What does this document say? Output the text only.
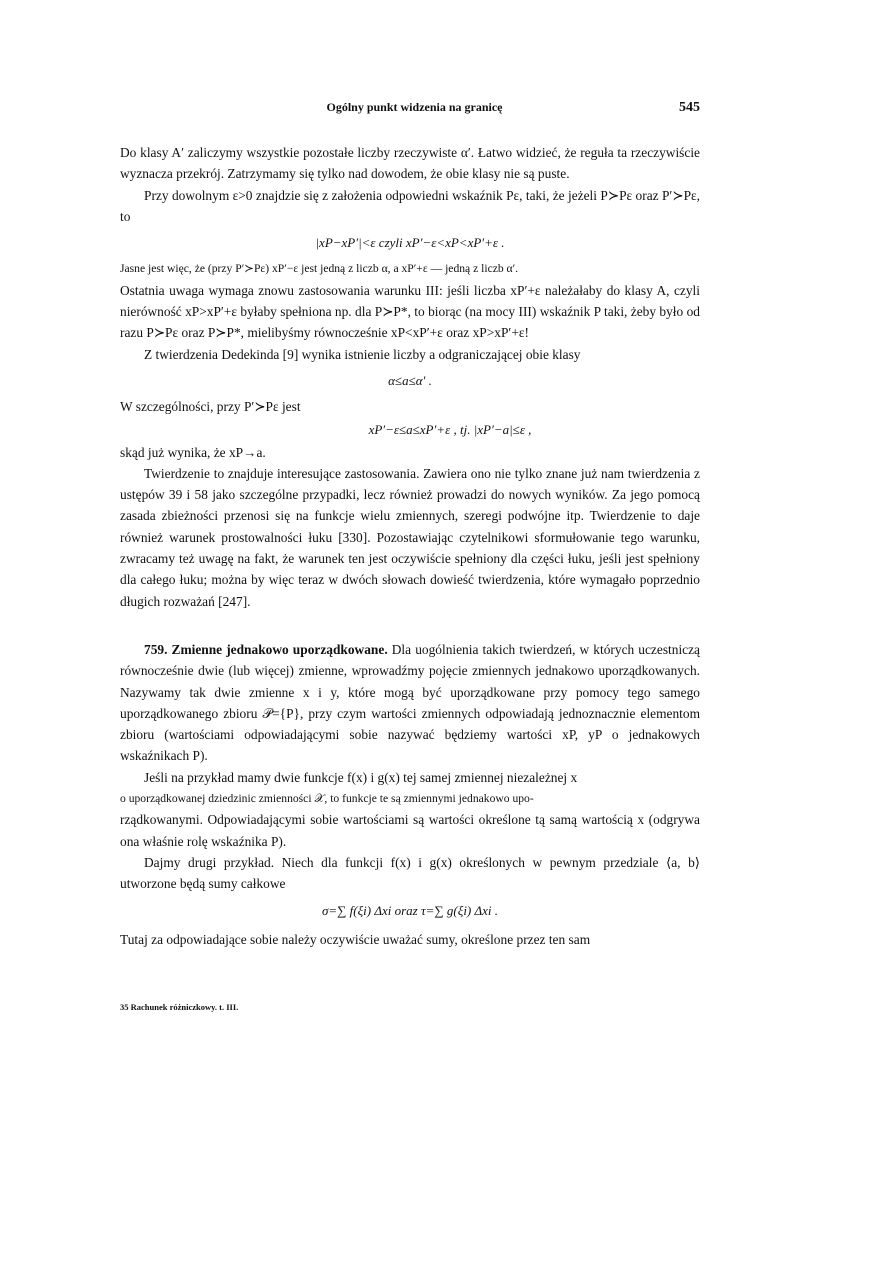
Ogólny punkt widzenia na granicę	545

Do klasy A′ zaliczymy wszystkie pozostałe liczby rzeczywiste α′. Łatwo widzieć, że reguła ta rzeczywiście wyznacza przekrój. Zatrzymamy się tylko nad dowodem, że obie klasy nie są puste.

Przy dowolnym ε>0 znajdzie się z założenia odpowiedni wskaźnik Pε, taki, że jeżeli P≻Pε oraz P′≻Pε, to

|xP−xP′|<ε czyli xP′−ε<xP<xP′+ε .

Jasne jest więc, że (przy P′≻Pε) xP′−ε jest jedną z liczb α, a xP′+ε — jedną z liczb α′.

Ostatnia uwaga wymaga znowu zastosowania warunku III: jeśli liczba xP′+ε należałaby do klasy A, czyli nierówność xP>xP′+ε byłaby spełniona np. dla P≻P*, to biorąc (na mocy III) wskaźnik P taki, żeby było od razu P≻Pε oraz P≻P*, mielibyśmy równocześnie xP<xP′+ε oraz xP>xP′+ε!

Z twierdzenia Dedekinda [9] wynika istnienie liczby a odgraniczającej obie klasy

α≤a≤α′ .

W szczególności, przy P′≻Pε jest

xP′−ε≤a≤xP′+ε , tj. |xP′−a|≤ε ,

skąd już wynika, że xP→a.

Twierdzenie to znajduje interesujące zastosowania. Zawiera ono nie tylko znane już nam twierdzenia z ustępów 39 i 58 jako szczególne przypadki, lecz również prowadzi do nowych wyników. Za jego pomocą zasada zbieżności przenosi się na funkcje wielu zmiennych, szeregi podwójne itp. Twierdzenie to daje również warunek prostowalności łuku [330]. Pozostawiając czytelnikowi sformułowanie tego warunku, zwracamy też uwagę na fakt, że warunek ten jest oczywiście spełniony dla części łuku, jeśli jest spełniony dla całego łuku; można by więc teraz w dwóch słowach dowieść twierdzenia, które wymagało poprzednio długich rozważań [247].

759. Zmienne jednakowo uporządkowane. Dla uogólnienia takich twierdzeń, w których uczestniczą równocześnie dwie (lub więcej) zmienne, wprowadźmy pojęcie zmiennych jednakowo uporządkowanych. Nazywamy tak dwie zmienne x i y, które mogą być uporządkowane przy pomocy tego samego uporządkowanego zbioru 𝒫={P}, przy czym wartości zmiennych odpowiadają jednoznacznie elementom zbioru (wartościami odpowiadającymi sobie nazywać będziemy wartości xP, yP o jednakowych wskaźnikach P).

Jeśli na przykład mamy dwie funkcje f(x) i g(x) tej samej zmiennej niezależnej x

o uporządkowanej dziedzinic zmienności 𝒳, to funkcje te są zmiennymi jednakowo upo-

rządkowanymi. Odpowiadającymi sobie wartościami są wartości określone tą samą wartością x (odgrywa ona właśnie rolę wskaźnika P).

Dajmy drugi przykład. Niech dla funkcji f(x) i g(x) określonych w pewnym przedziale ⟨a, b⟩ utworzone będą sumy całkowe

σ=∑ f(ξi) Δxi oraz τ=∑ g(ξi) Δxi .

Tutaj za odpowiadające sobie należy oczywiście uważać sumy, określone przez ten sam

35 Rachunek różniczkowy. t. III.
